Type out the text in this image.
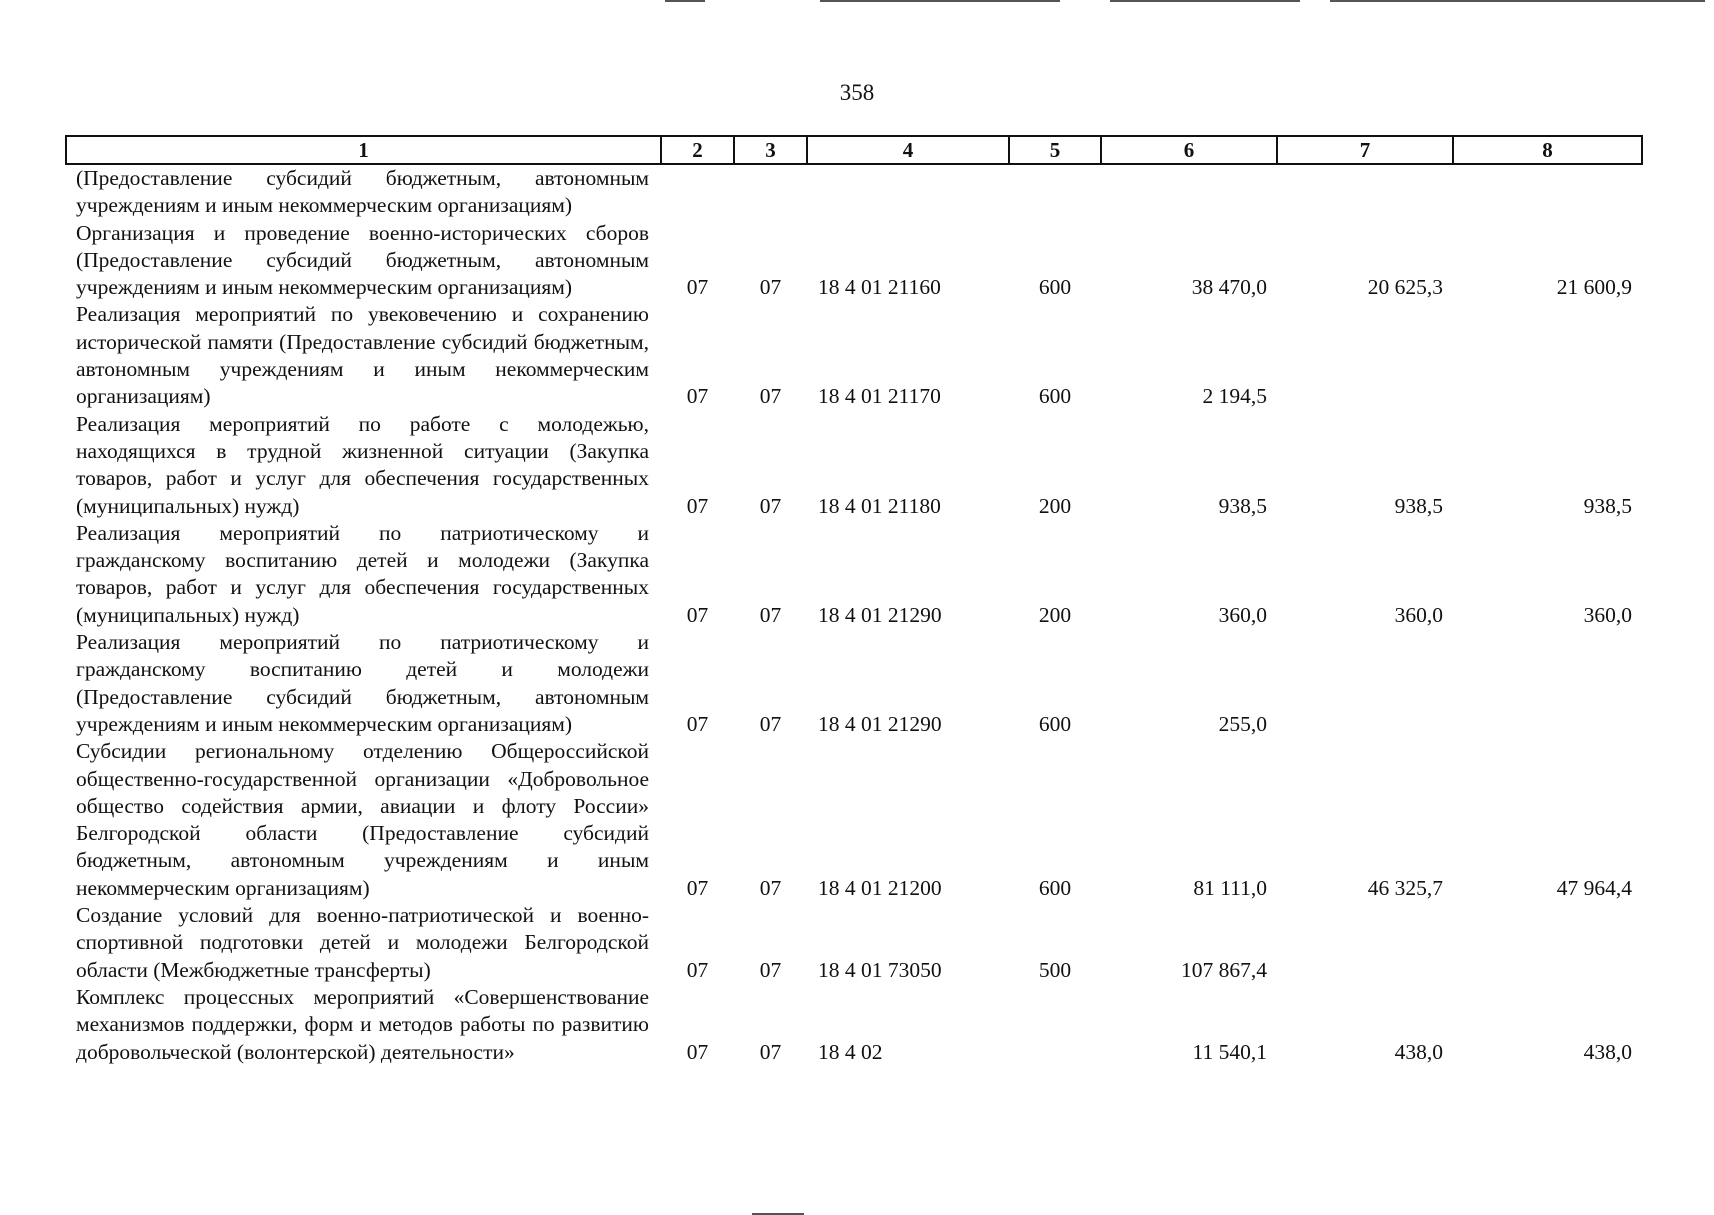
358
1	2	3	4	5	6	7	8
(Предоставление субсидий бюджетным, автономным учреждениям и иным некоммерческим организациям)							
Организация и проведение военно-исторических сборов (Предоставление субсидий бюджетным, автономным учреждениям и иным некоммерческим организациям)	07	07	18 4 01 21160	600	38 470,0	20 625,3	21 600,9
Реализация мероприятий по увековечению и сохранению исторической памяти (Предоставление субсидий бюджетным, автономным учреждениям и иным некоммерческим организациям)	07	07	18 4 01 21170	600	2 194,5		
Реализация мероприятий по работе с молодежью, находящихся в трудной жизненной ситуации (Закупка товаров, работ и услуг для обеспечения государственных (муниципальных) нужд)	07	07	18 4 01 21180	200	938,5	938,5	938,5
Реализация мероприятий по патриотическому и гражданскому воспитанию детей и молодежи (Закупка товаров, работ и услуг для обеспечения государственных (муниципальных) нужд)	07	07	18 4 01 21290	200	360,0	360,0	360,0
Реализация мероприятий по патриотическому и гражданскому воспитанию детей и молодежи (Предоставление субсидий бюджетным, автономным учреждениям и иным некоммерческим организациям)	07	07	18 4 01 21290	600	255,0		
Субсидии региональному отделению Общероссийской общественно-государственной организации «Добровольное общество содействия армии, авиации и флоту России» Белгородской области (Предоставление субсидий бюджетным, автономным учреждениям и иным некоммерческим организациям)	07	07	18 4 01 21200	600	81 111,0	46 325,7	47 964,4
Создание условий для военно-патриотической и военно-спортивной подготовки детей и молодежи Белгородской области (Межбюджетные трансферты)	07	07	18 4 01 73050	500	107 867,4		
Комплекс процессных мероприятий «Совершенствование механизмов поддержки, форм и методов работы по развитию добровольческой (волонтерской) деятельности»	07	07	18 4 02		11 540,1	438,0	438,0
